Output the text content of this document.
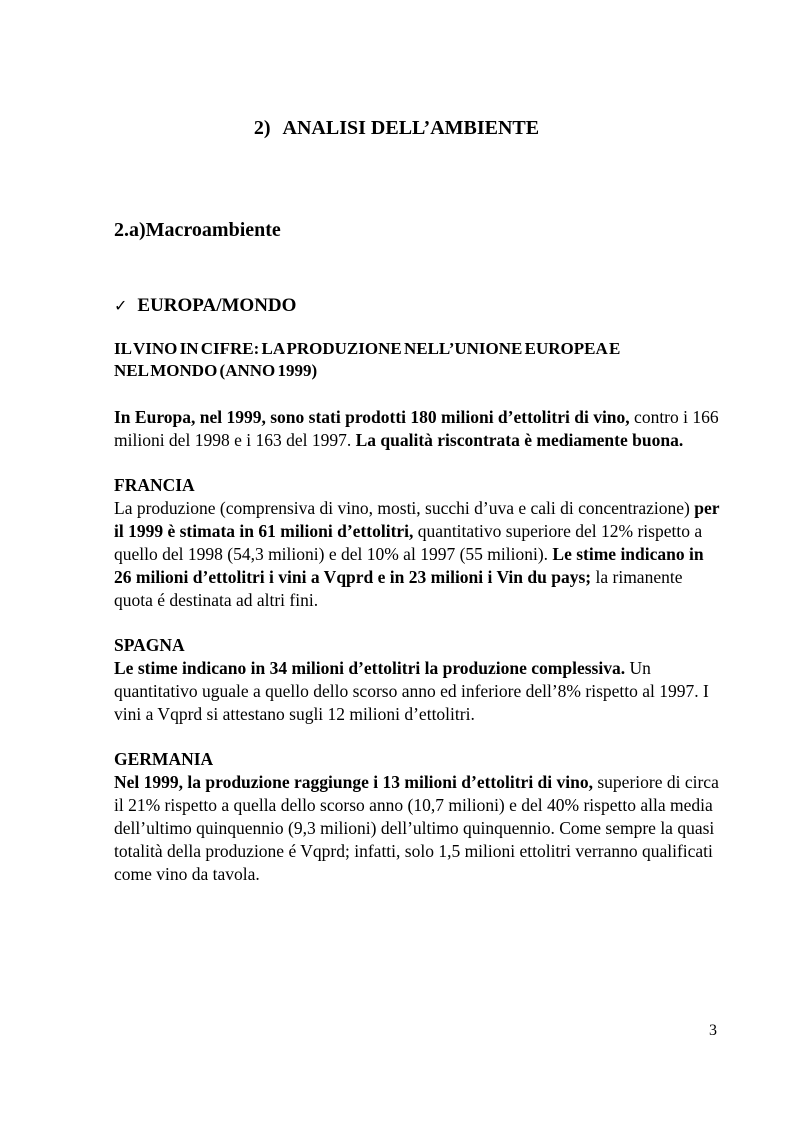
2) ANALISI DELL’AMBIENTE
2.a)Macroambiente
✓ EUROPA/MONDO
IL VINO IN CIFRE: LA PRODUZIONE NELL’UNIONE EUROPEA E
NEL MONDO (ANNO 1999)

In Europa, nel 1999, sono stati prodotti 180 milioni d’ettolitri di vino, contro i 166 milioni del 1998 e i 163 del 1997. La qualità riscontrata è mediamente buona.

FRANCIA
La produzione (comprensiva di vino, mosti, succhi d’uva e cali di concentrazione) per il 1999 è stimata in 61 milioni d’ettolitri, quantitativo superiore del 12% rispetto a quello del 1998 (54,3 milioni) e del 10% al 1997 (55 milioni). Le stime indicano in 26 milioni d’ettolitri i vini a Vqprd e in 23 milioni i Vin du pays; la rimanente quota é destinata ad altri fini.

SPAGNA
Le stime indicano in 34 milioni d’ettolitri la produzione complessiva. Un quantitativo uguale a quello dello scorso anno ed inferiore dell’8% rispetto al 1997. I vini a Vqprd si attestano sugli 12 milioni d’ettolitri.

GERMANIA
Nel 1999, la produzione raggiunge i 13 milioni d’ettolitri di vino, superiore di circa il 21% rispetto a quella dello scorso anno (10,7 milioni) e del 40% rispetto alla media dell’ultimo quinquennio (9,3 milioni) dell’ultimo quinquennio. Come sempre la quasi totalità della produzione é Vqprd; infatti, solo 1,5 milioni ettolitri verranno qualificati come vino da tavola.

3
